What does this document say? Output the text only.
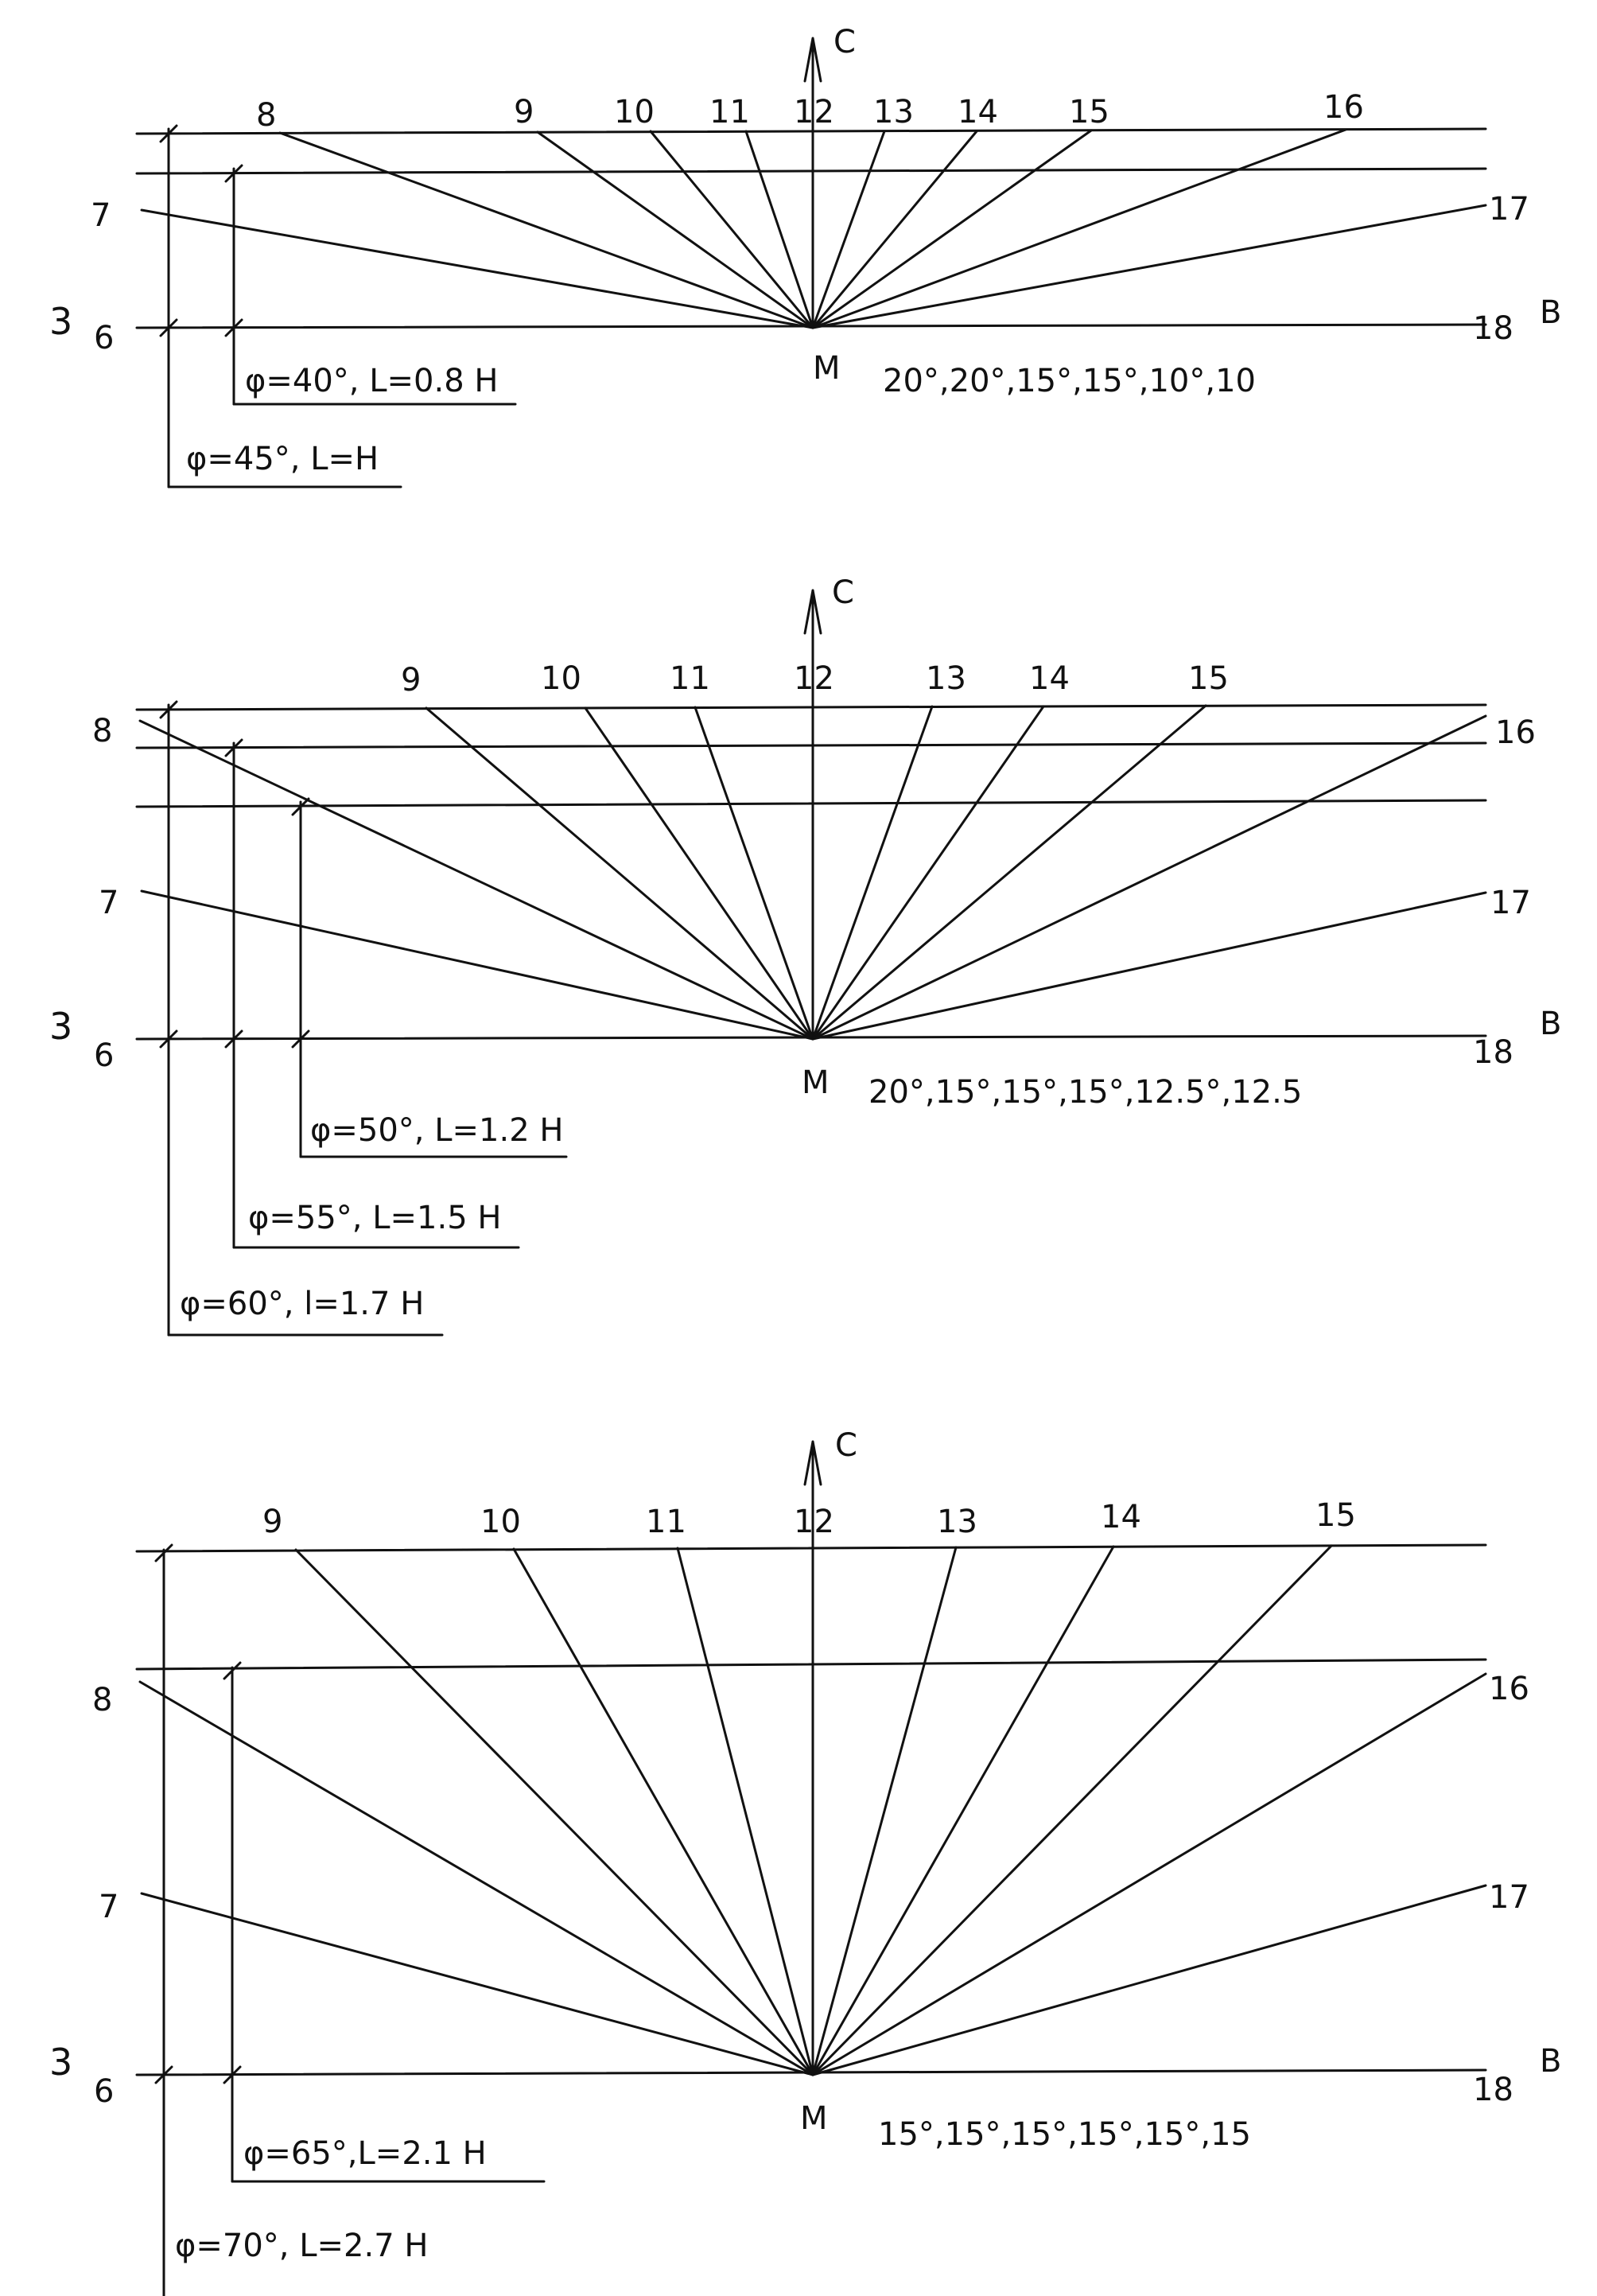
C
8	9	10 11 12 13 14 15	16
7
6
3
17
18 B
M 20°,20°,15°,15°,10°,10
φ=40°, L=0.8 H
φ=45°, L=H
C
9	10	11	12	13 14	15
8
7
6
3
16
17
18
B
M 20°,15°,15°,15°,12.5°,12.5
φ=50°, L=1.2 H
φ=55°, L=1.5 H
φ=60°, l=1.7 H
C
9	10	11	12	13	14	15
8
7
6
3
16
17
18
B
M 15°,15°,15°,15°,15°,15
φ=65°,L=2.1 H
φ=70°, L=2.7 H
